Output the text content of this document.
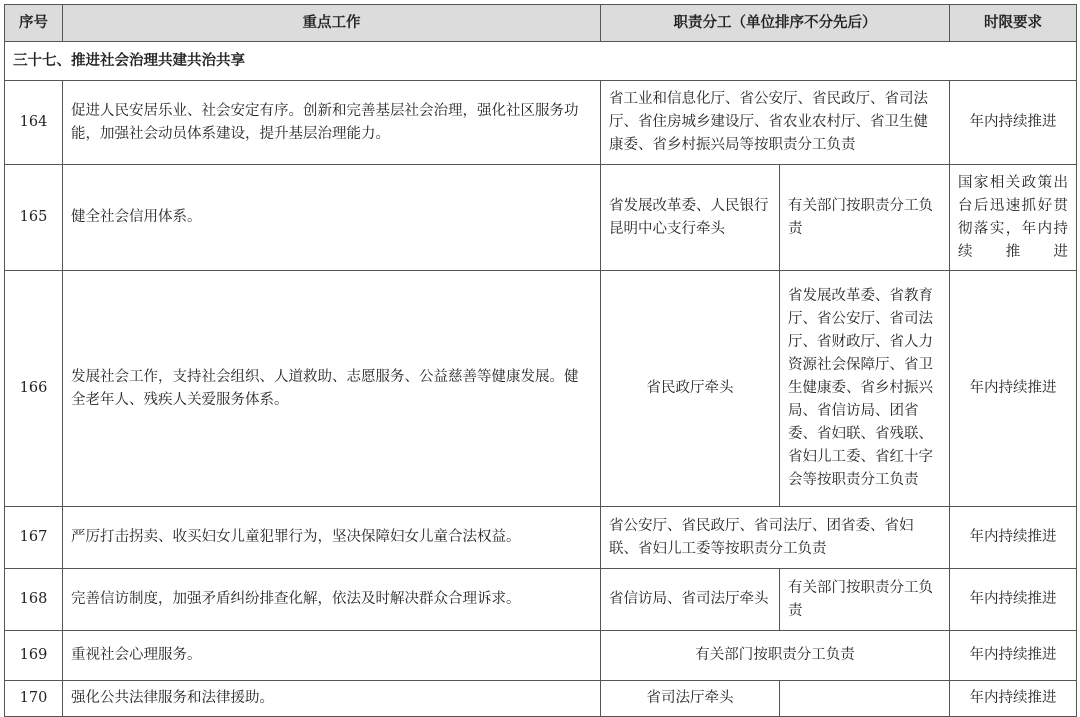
序号	重点工作	职责分工（单位排序不分先后）		时限要求
三十七、推进社会治理共建共治共享				
164	促进人民安居乐业、社会安定有序。创新和完善基层社会治理，强化社区服务功能，加强社会动员体系建设，提升基层治理能力。	省工业和信息化厅、省公安厅、省民政厅、省司法厅、省住房城乡建设厅、省农业农村厅、省卫生健康委、省乡村振兴局等按职责分工负责		年内持续推进
165	健全社会信用体系。	省发展改革委、人民银行昆明中心支行牵头	有关部门按职责分工负责	国家相关政策出台后迅速抓好贯彻落实，年内持续推进
166	发展社会工作，支持社会组织、人道救助、志愿服务、公益慈善等健康发展。健全老年人、残疾人关爱服务体系。	省民政厅牵头	省发展改革委、省教育厅、省公安厅、省司法厅、省财政厅、省人力资源社会保障厅、省卫生健康委、省乡村振兴局、省信访局、团省委、省妇联、省残联、省妇儿工委、省红十字会等按职责分工负责	年内持续推进
167	严厉打击拐卖、收买妇女儿童犯罪行为，坚决保障妇女儿童合法权益。	省公安厅、省民政厅、省司法厅、团省委、省妇联、省妇儿工委等按职责分工负责		年内持续推进
168	完善信访制度，加强矛盾纠纷排查化解，依法及时解决群众合理诉求。	省信访局、省司法厅牵头	有关部门按职责分工负责	年内持续推进
169	重视社会心理服务。	有关部门按职责分工负责		年内持续推进
170	强化公共法律服务和法律援助。	省司法厅牵头		年内持续推进
